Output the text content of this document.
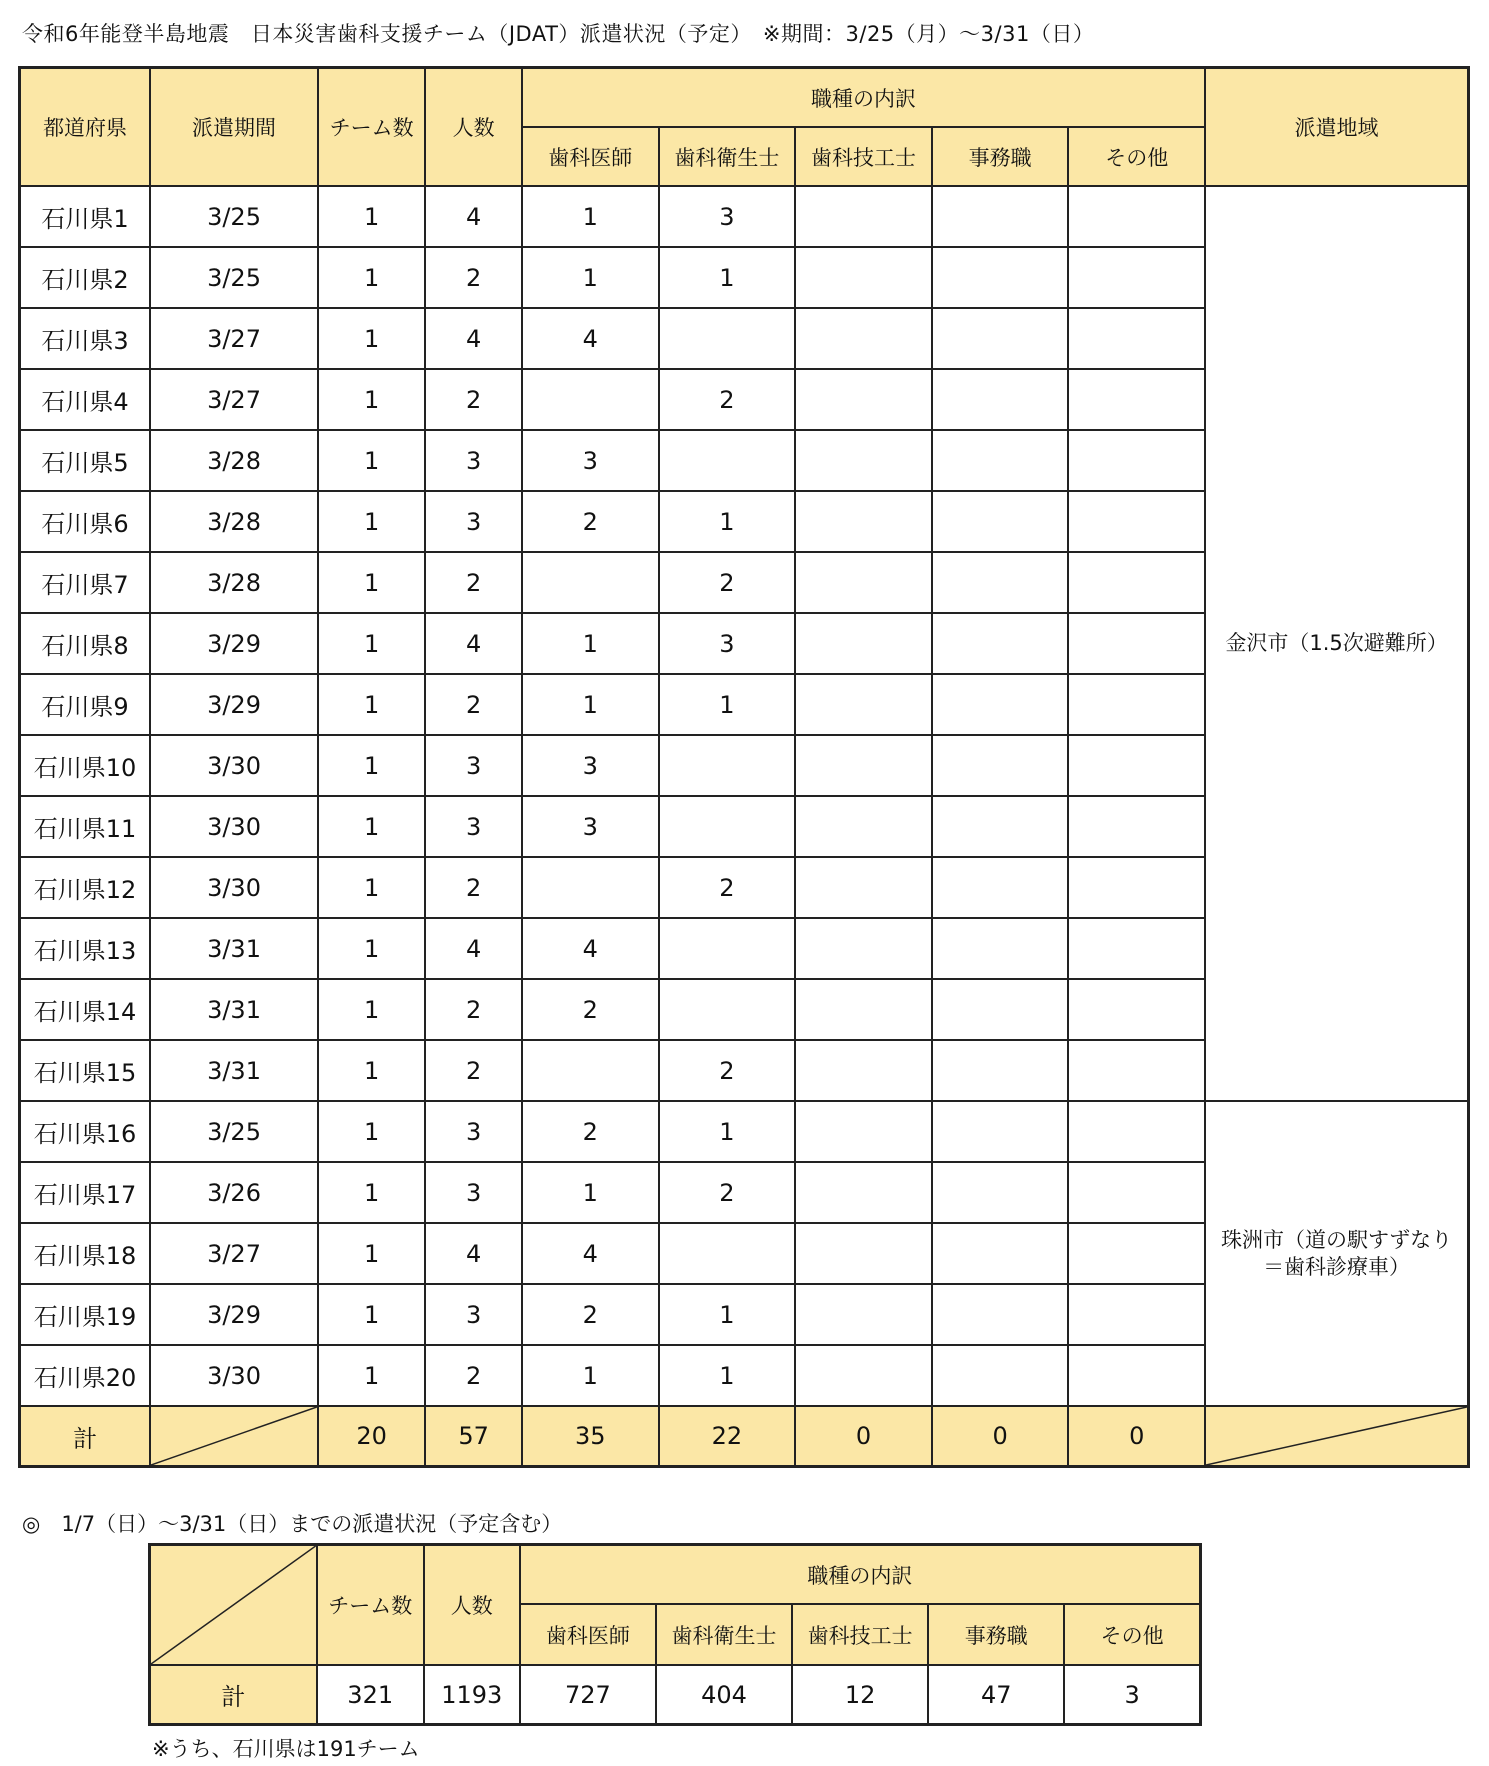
令和6年能登半島地震　日本災害歯科支援チーム（JDAT）派遣状況（予定）　※期間：3/25（月）～3/31（日）
都道府県	派遣期間	チーム数	人数	職種の内訳					派遣地域
				歯科医師	歯科衛生士	歯科技工士	事務職	その他	
石川県1	3/25	1	4	1	3				金沢市（1.5次避難所）
石川県2	3/25	1	2	1	1				
石川県3	3/27	1	4	4					
石川県4	3/27	1	2		2				
石川県5	3/28	1	3	3					
石川県6	3/28	1	3	2	1				
石川県7	3/28	1	2		2				
石川県8	3/29	1	4	1	3				
石川県9	3/29	1	2	1	1				
石川県10	3/30	1	3	3					
石川県11	3/30	1	3	3					
石川県12	3/30	1	2		2				
石川県13	3/31	1	4	4					
石川県14	3/31	1	2	2					
石川県15	3/31	1	2		2				
石川県16	3/25	1	3	2	1				珠洲市（道の駅すずなり
＝歯科診療車）
石川県17	3/26	1	3	1	2				
石川県18	3/27	1	4	4					
石川県19	3/29	1	3	2	1				
石川県20	3/30	1	2	1	1				
計		20	57	35	22	0	0	0	
◎　1/7（日）～3/31（日）までの派遣状況（予定含む）
	チーム数	人数	職種の内訳				
			歯科医師	歯科衛生士	歯科技工士	事務職	その他
計	321	1193	727	404	12	47	3
※うち、石川県は191チーム
